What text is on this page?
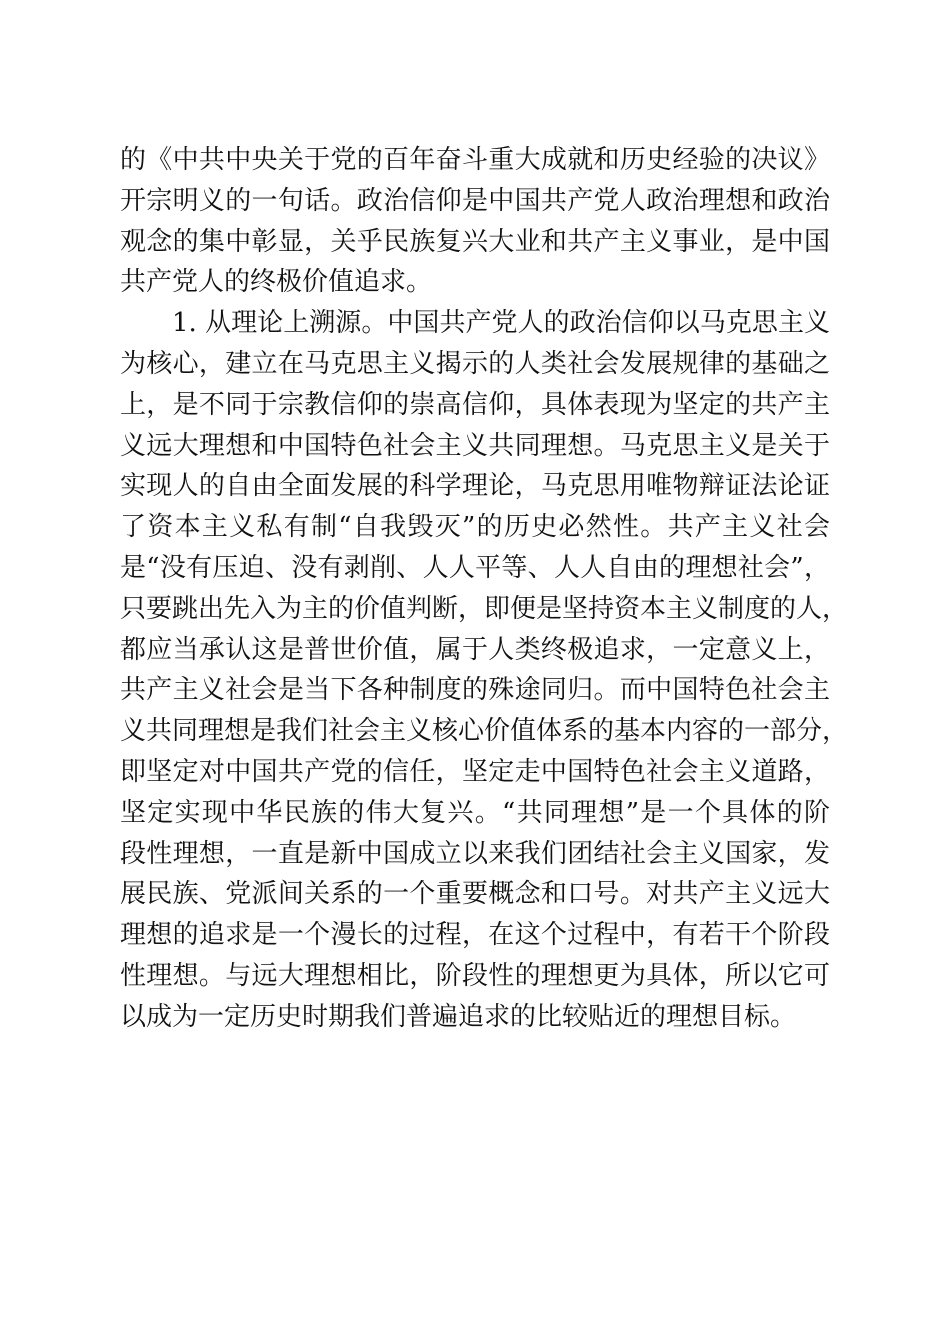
的《中共中央关于党的百年奋斗重大成就和历史经验的决议》
开宗明义的一句话。政治信仰是中国共产党人政治理想和政治
观念的集中彰显，关乎民族复兴大业和共产主义事业，是中国
共产党人的终极价值追求。
1. 从理论上溯源。中国共产党人的政治信仰以马克思主义
为核心，建立在马克思主义揭示的人类社会发展规律的基础之
上，是不同于宗教信仰的崇高信仰，具体表现为坚定的共产主
义远大理想和中国特色社会主义共同理想。马克思主义是关于
实现人的自由全面发展的科学理论，马克思用唯物辩证法论证
了资本主义私有制“自我毁灭”的历史必然性。共产主义社会
是“没有压迫、没有剥削、人人平等、人人自由的理想社会”，
只要跳出先入为主的价值判断，即便是坚持资本主义制度的人，
都应当承认这是普世价值，属于人类终极追求，一定意义上，
共产主义社会是当下各种制度的殊途同归。而中国特色社会主
义共同理想是我们社会主义核心价值体系的基本内容的一部分，
即坚定对中国共产党的信任，坚定走中国特色社会主义道路，
坚定实现中华民族的伟大复兴。“共同理想”是一个具体的阶
段性理想，一直是新中国成立以来我们团结社会主义国家，发
展民族、党派间关系的一个重要概念和口号。对共产主义远大
理想的追求是一个漫长的过程，在这个过程中，有若干个阶段
性理想。与远大理想相比，阶段性的理想更为具体，所以它可
以成为一定历史时期我们普遍追求的比较贴近的理想目标。
